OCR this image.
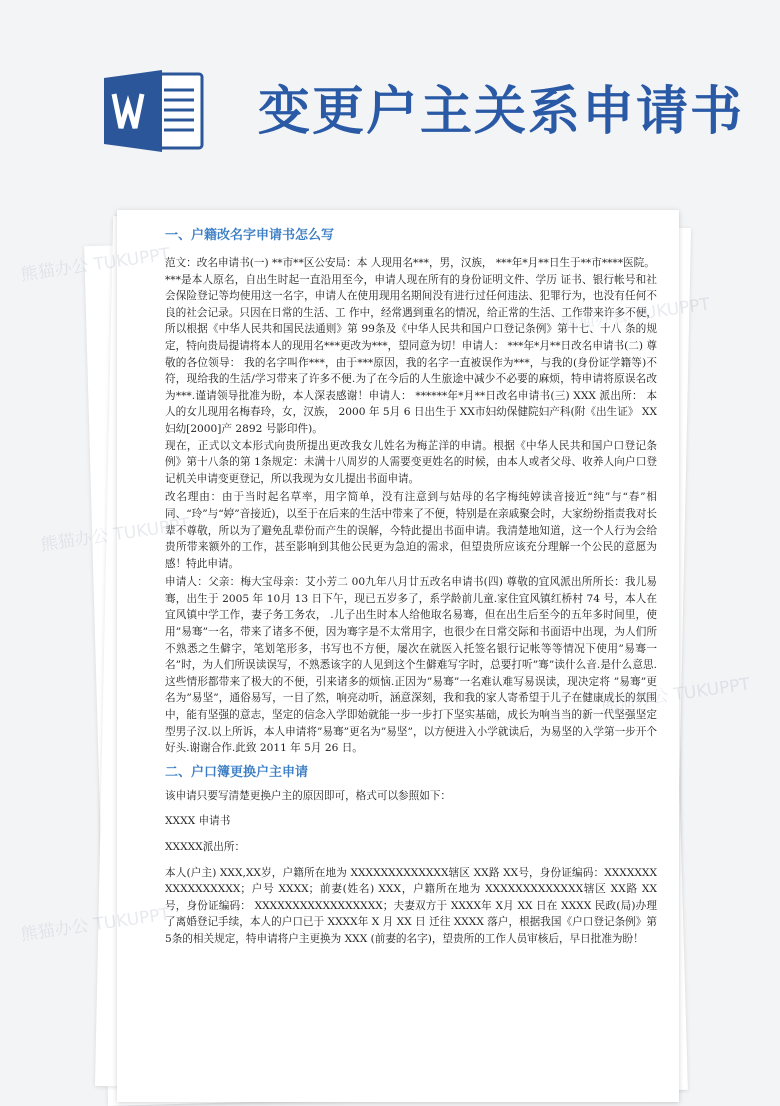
变更户主关系申请书
一、户籍改名字申请书怎么写

范文：改名申请书(一) **市**区公安局：本 人现用名***，男，汉族， ***年*月**日生于**市****医院。

***是本人原名，自出生时起一直沿用至今，申请人现在所有的身份证明文件、学历 证书、银行帐号和社会保险登记等均使用这一名字，申请人在使用现用名期间没有进行过任何违法、犯罪行为，也没有任何不良的社会记录。只因在日常的生活、工 作中，经常遇到重名的情况，给正常的生活、工作带来许多不便，所以根据《中华人民共和国民法通则》第 99条及《中华人民共和国户口登记条例》第十七、十八 条的规定，特向贵局提请将本人的现用名***更改为***，望同意为切！申请人： ***年*月**日改名申请书(二) 尊敬的各位领导： 我的名字叫作***，由于***原因，我的名字一直被误作为***，与我的(身份证学籍等)不符，现给我的生活/学习带来了许多不便.为了在今后的人生旅途中减少不必要的麻烦，特申请将原误名改为***.谨请领导批准为盼，本人深表感谢！申请人： ******年*月**日改名申请书(三) XXX 派出所： 本人的女儿现用名梅春玲，女，汉族， 2000 年 5月 6 日出生于 XX市妇幼保健院妇产科(附《出生证》 XX妇幼[2000]产 2892 号影印件)。

现在，正式以文本形式向贵所提出更改我女儿姓名为梅芷洋的申请。根据《中华人民共和国户口登记条例》第十八条的第 1条规定：未满十八周岁的人需要变更姓名的时候，由本人或者父母、收养人向户口登记机关申请变更登记，所以我现为女儿提出书面申请。

改名理由：由于当时起名草率，用字简单，没有注意到与姑母的名字梅纯婷读音接近“纯”与“春”相同、“玲”与“婷”音接近)，以至于在后来的生活中带来了不便，特别是在亲戚聚会时，大家纷纷指责我对长辈不尊敬，所以为了避免乱辈份而产生的误解，今特此提出书面申请。我清楚地知道，这一个人行为会给贵所带来额外的工作，甚至影响到其他公民更为急迫的需求，但望贵所应该充分理解一个公民的意愿为感！特此申请。

申请人：父亲：梅大宝母亲：艾小芳二 00九年八月廿五改名申请书(四) 尊敬的宜风派出所所长：我儿易骞，出生于 2005 年 10月 13 日下午，现已五岁多了，系学龄前儿童.家住宜风镇红桥村 74 号，本人在宜风镇中学工作，妻子务工务农， .儿子出生时本人给他取名易骞，但在出生后至今的五年多时间里，使用”易骞”一名，带来了诸多不便，因为骞字是不太常用字，也很少在日常交际和书面语中出现，为人们所不熟悉之生僻字，笔划笔形多，书写也不方便，屡次在就医入托签名银行记帐等等情况下使用”易骞一名”时，为人们所误读误写，不熟悉该字的人见到这个生僻难写字时，总要打听”骞”读什么音.是什么意思.这些情形都带来了极大的不便，引来诸多的烦恼.正因为”易骞”一名难认难写易误读，现决定将 ”易骞”更名为”易坚”，通俗易写，一目了然，响亮动听，涵意深刻，我和我的家人寄希望于儿子在健康成长的氛围中，能有坚强的意志，坚定的信念入学即始就能一步一步打下坚实基础，成长为响当当的新一代坚强坚定型男子汉.以上所诉，本人申请将”易骞”更名为”易坚”，以方便进入小学就读后，为易坚的入学第一步开个好头.谢谢合作.此致 2011 年 5月 26 日。

二、户口簿更换户主申请

该申请只要写清楚更换户主的原因即可，格式可以参照如下：

XXXX 申请书

XXXXX派出所：

本人(户主) XXX,XX岁，户籍所在地为 XXXXXXXXXXXXX辖区 XX路 XX号，身份证编码：XXXXXXXXXXXXXXXXX；户号 XXXX；前妻(姓名) XXX，户籍所在地为 XXXXXXXXXXXXX辖区 XX路 XX号，身份证编码： XXXXXXXXXXXXXXXXX；夫妻双方于 XXXX年 X月 XX 日在 XXXX 民政(局)办理了离婚登记手续，本人的户口已于 XXXX年 X 月 XX 日 迁往 XXXX 落户，根据我国《户口登记条例》第 5条的相关规定，特申请将户主更换为 XXX (前妻的名字)，望贵所的工作人员审核后，早日批准为盼！

熊猫办公 TUKUPPT
熊猫办公 TUKUPPT
熊猫办公 TUKUPPT
熊猫办公 TUKUPPT
熊猫办公 TUKUPPT
